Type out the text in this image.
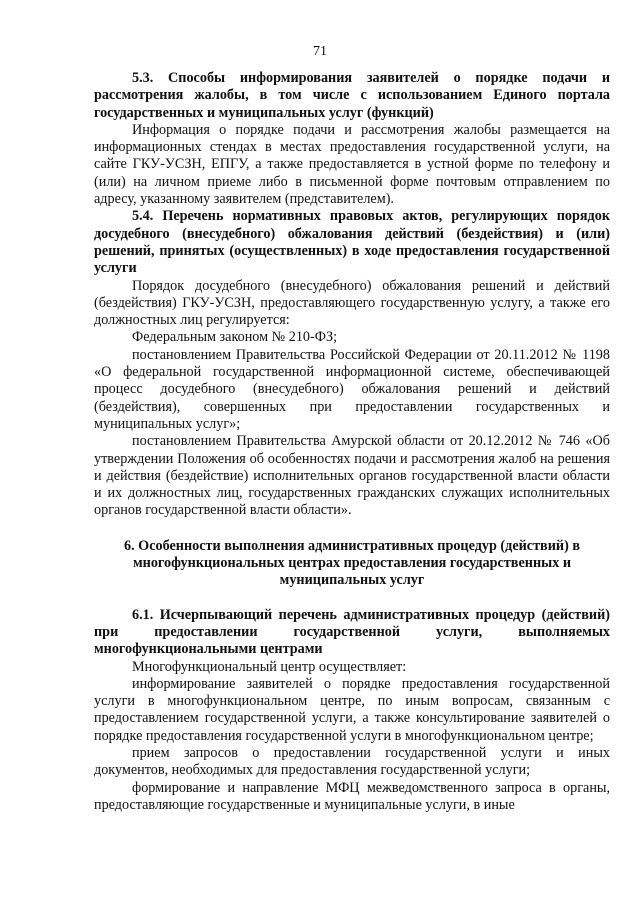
71

5.3. Способы информирования заявителей о порядке подачи и рассмотрения жалобы, в том числе с использованием Единого портала государственных и муниципальных услуг (функций)

Информация о порядке подачи и рассмотрения жалобы размещается на информационных стендах в местах предоставления государственной услуги, на сайте ГКУ-УСЗН, ЕПГУ, а также предоставляется в устной форме по телефону и (или) на личном приеме либо в письменной форме почтовым отправлением по адресу, указанному заявителем (представителем).

5.4. Перечень нормативных правовых актов, регулирующих порядок досудебного (внесудебного) обжалования действий (бездействия) и (или) решений, принятых (осуществленных) в ходе предоставления государственной услуги

Порядок досудебного (внесудебного) обжалования решений и действий (бездействия) ГКУ-УСЗН, предоставляющего государственную услугу, а также его должностных лиц регулируется:

Федеральным законом № 210-ФЗ;

постановлением Правительства Российской Федерации от 20.11.2012 № 1198 «О федеральной государственной информационной системе, обеспечивающей процесс досудебного (внесудебного) обжалования решений и действий (бездействия), совершенных при предоставлении государственных и муниципальных услуг»;

постановлением Правительства Амурской области от 20.12.2012 № 746 «Об утверждении Положения об особенностях подачи и рассмотрения жалоб на решения и действия (бездействие) исполнительных органов государственной власти области и их должностных лиц, государственных гражданских служащих исполнительных органов государственной власти области».

6. Особенности выполнения административных процедур (действий) в многофункциональных центрах предоставления государственных и муниципальных услуг

6.1. Исчерпывающий перечень административных процедур (действий) при предоставлении государственной услуги, выполняемых многофункциональными центрами

Многофункциональный центр осуществляет:

информирование заявителей о порядке предоставления государственной услуги в многофункциональном центре, по иным вопросам, связанным с предоставлением государственной услуги, а также консультирование заявителей о порядке предоставления государственной услуги в многофункциональном центре;

прием запросов о предоставлении государственной услуги и иных документов, необходимых для предоставления государственной услуги;

формирование и направление МФЦ межведомственного запроса в органы, предоставляющие государственные и муниципальные услуги, в иные
